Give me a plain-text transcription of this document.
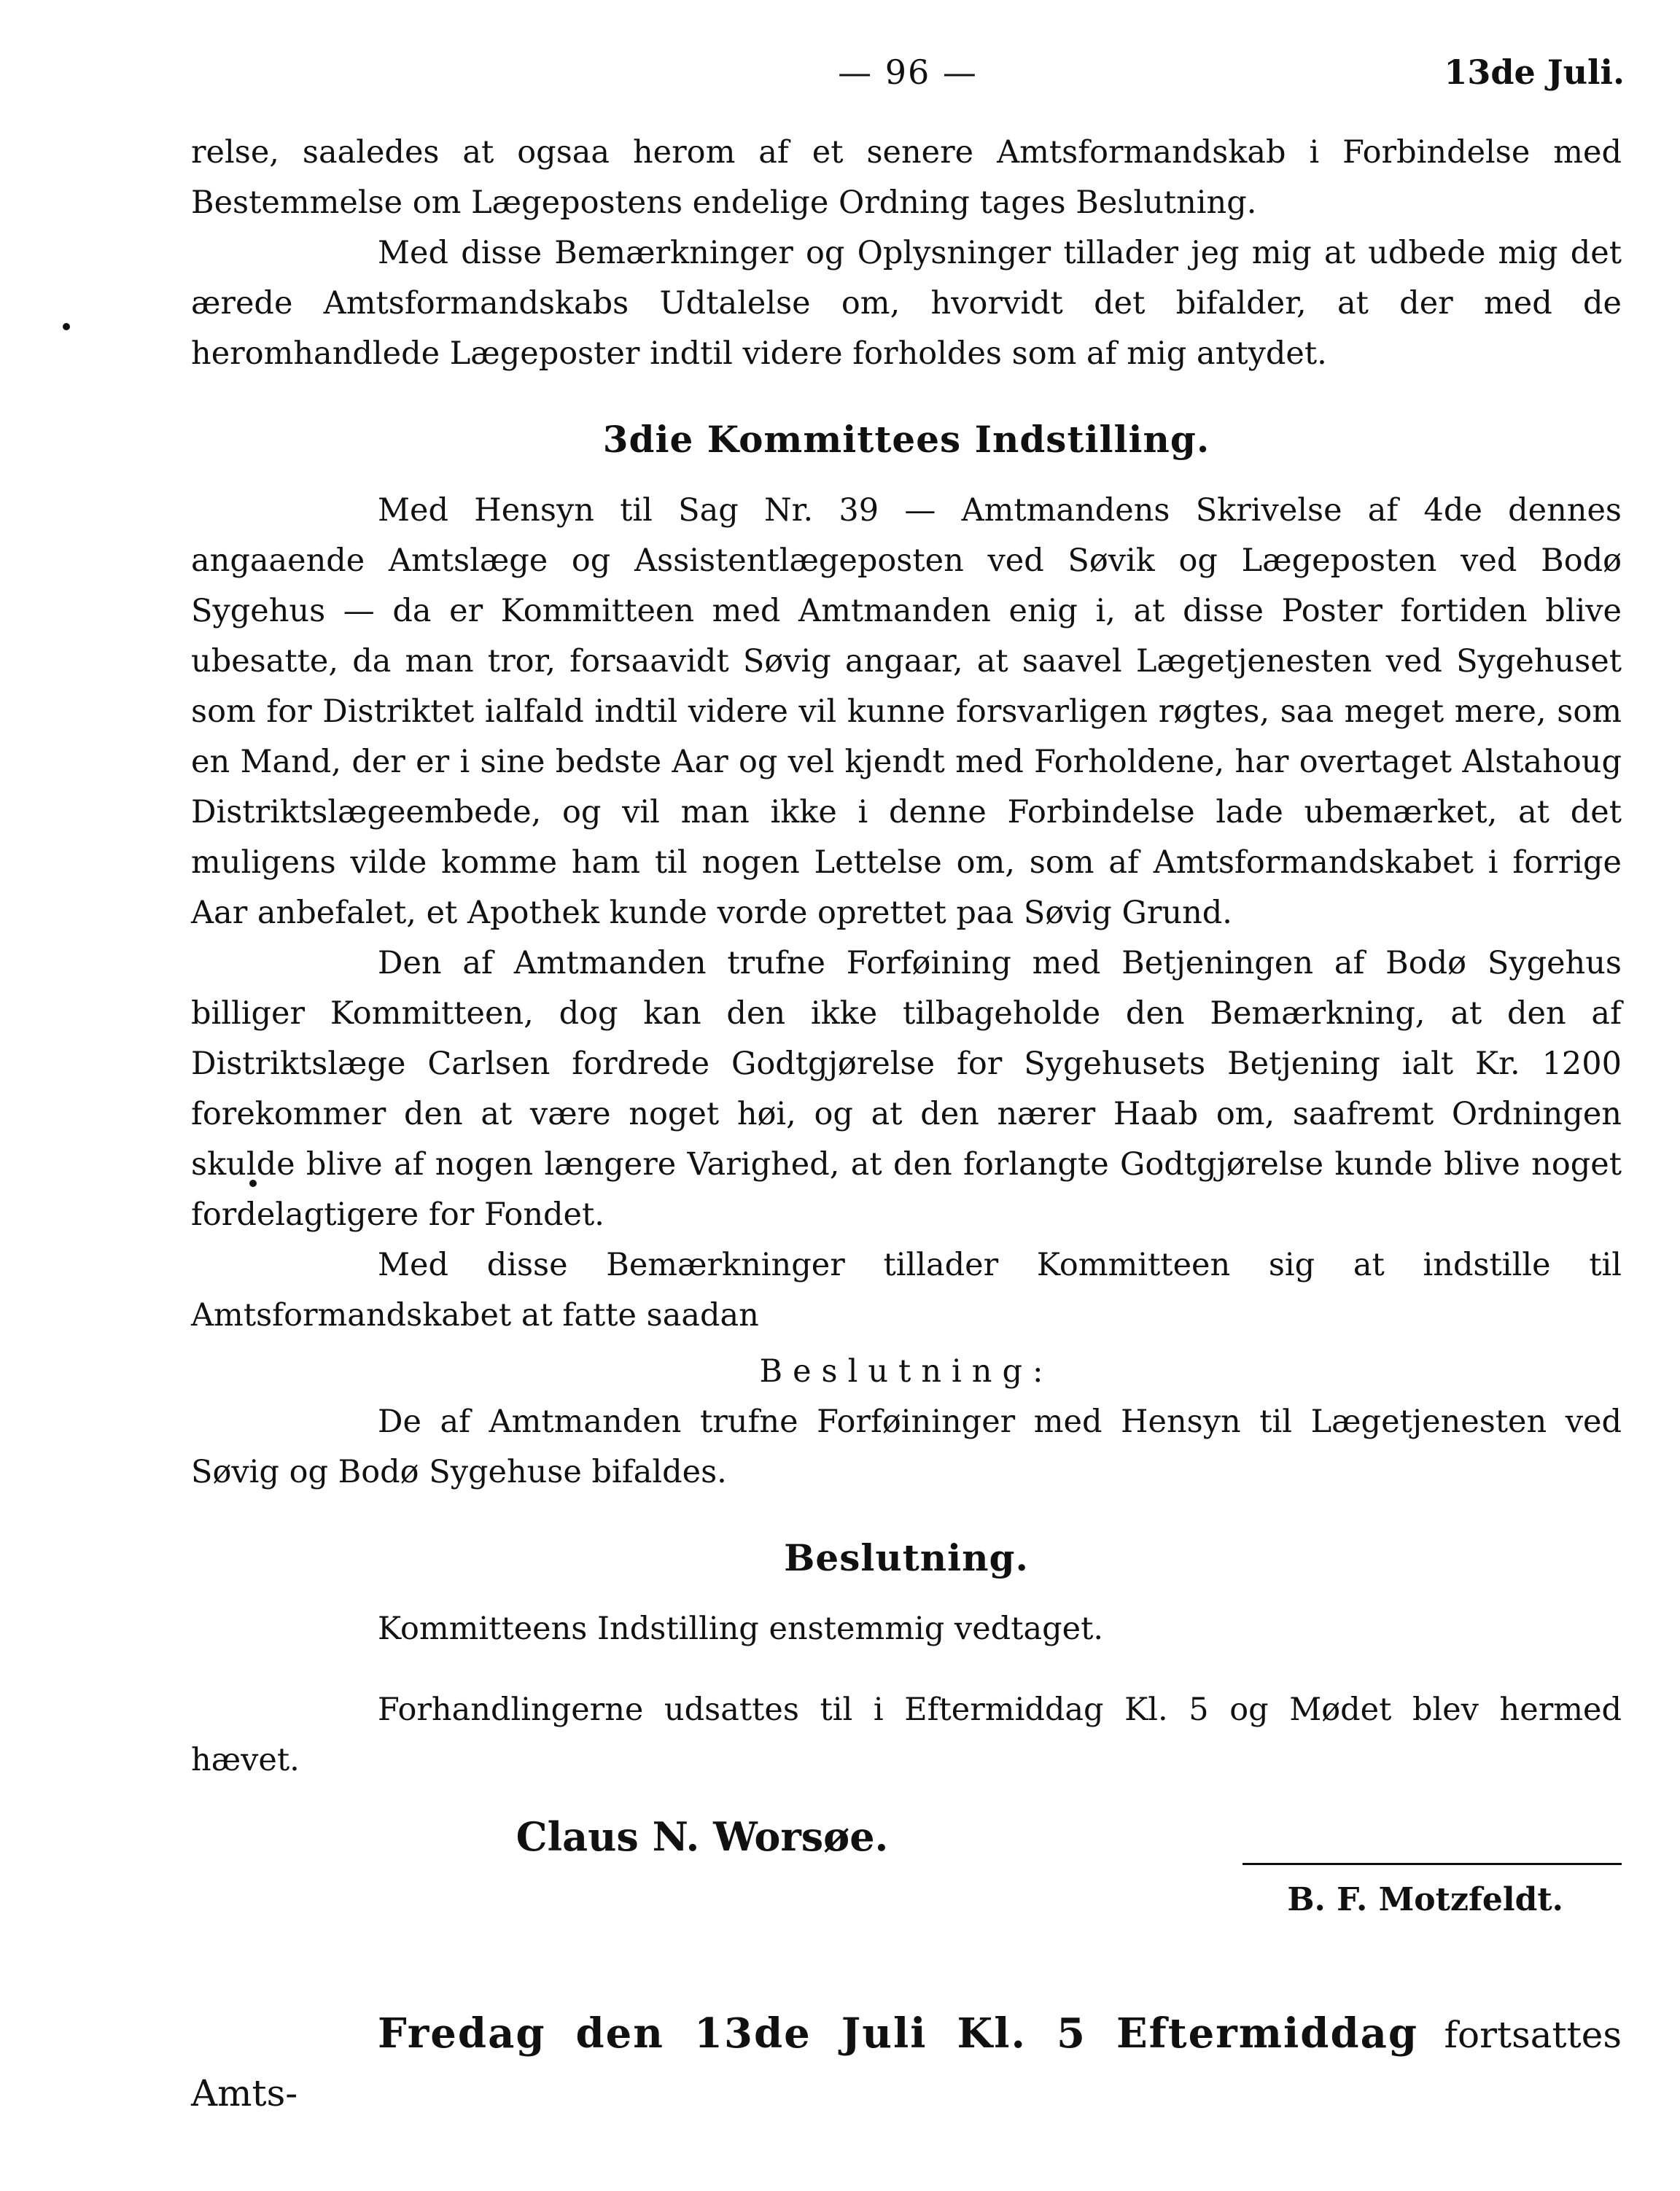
— 96 —	13de Juli.

relse, saaledes at ogsaa herom af et senere Amtsformandskab i Forbindelse med Bestemmelse om Lægepostens endelige Ordning tages Beslutning.

Med disse Bemærkninger og Oplysninger tillader jeg mig at udbede mig det ærede Amtsformandskabs Udtalelse om, hvorvidt det bifalder, at der med de heromhandlede Lægeposter indtil videre forholdes som af mig antydet.

3die Kommittees Indstilling.

Med Hensyn til Sag Nr. 39 — Amtmandens Skrivelse af 4de dennes angaaende Amtslæge og Assistentlægeposten ved Søvik og Lægeposten ved Bodø Sygehus — da er Kommitteen med Amtmanden enig i, at disse Poster fortiden blive ubesatte, da man tror, forsaavidt Søvig angaar, at saavel Lægetjenesten ved Sygehuset som for Distriktet ialfald indtil videre vil kunne forsvarligen røgtes, saa meget mere, som en Mand, der er i sine bedste Aar og vel kjendt med Forholdene, har overtaget Alstahoug Distriktslægeembede, og vil man ikke i denne Forbindelse lade ubemærket, at det muligens vilde komme ham til nogen Lettelse om, som af Amtsformandskabet i forrige Aar anbefalet, et Apothek kunde vorde oprettet paa Søvig Grund.

Den af Amtmanden trufne Forføining med Betjeningen af Bodø Sygehus billiger Kommitteen, dog kan den ikke tilbageholde den Bemærkning, at den af Distriktslæge Carlsen fordrede Godtgjørelse for Sygehusets Betjening ialt Kr. 1200 forekommer den at være noget høi, og at den nærer Haab om, saafremt Ordningen skulde blive af nogen længere Varighed, at den forlangte Godtgjørelse kunde blive noget fordelagtigere for Fondet.

Med disse Bemærkninger tillader Kommitteen sig at indstille til Amtsformandskabet at fatte saadan

Beslutning:

De af Amtmanden trufne Forføininger med Hensyn til Lægetjenesten ved Søvig og Bodø Sygehuse bifaldes.

Beslutning.

Kommitteens Indstilling enstemmig vedtaget.

Forhandlingerne udsattes til i Eftermiddag Kl. 5 og Mødet blev hermed hævet.

Claus N. Worsøe.
B. F. Motzfeldt.

Fredag den 13de Juli Kl. 5 Eftermiddag fortsattes Amts-
